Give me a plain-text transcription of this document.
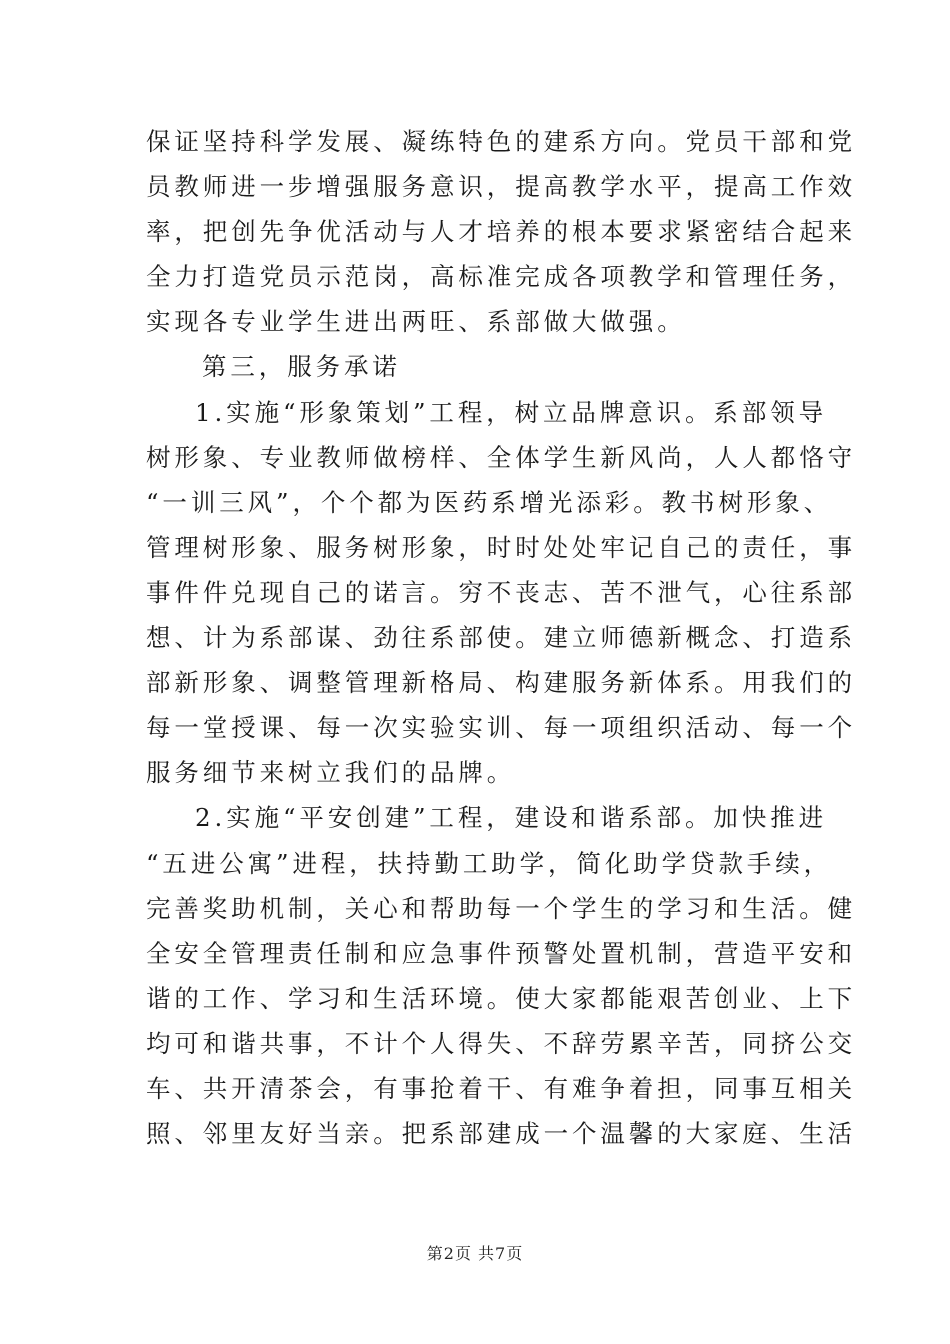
保证坚持科学发展、凝练特色的建系方向。党员干部和党
员教师进一步增强服务意识，提高教学水平，提高工作效
率，把创先争优活动与人才培养的根本要求紧密结合起来
全力打造党员示范岗，高标准完成各项教学和管理任务，
实现各专业学生进出两旺、系部做大做强。
第三，服务承诺
1.实施“形象策划”工程，树立品牌意识。系部领导
树形象、专业教师做榜样、全体学生新风尚，人人都恪守
“一训三风”，个个都为医药系增光添彩。教书树形象、
管理树形象、服务树形象，时时处处牢记自己的责任，事
事件件兑现自己的诺言。穷不丧志、苦不泄气，心往系部
想、计为系部谋、劲往系部使。建立师德新概念、打造系
部新形象、调整管理新格局、构建服务新体系。用我们的
每一堂授课、每一次实验实训、每一项组织活动、每一个
服务细节来树立我们的品牌。
2.实施“平安创建”工程，建设和谐系部。加快推进
“五进公寓”进程，扶持勤工助学，简化助学贷款手续，
完善奖助机制，关心和帮助每一个学生的学习和生活。健
全安全管理责任制和应急事件预警处置机制，营造平安和
谐的工作、学习和生活环境。使大家都能艰苦创业、上下
均可和谐共事，不计个人得失、不辞劳累辛苦，同挤公交
车、共开清茶会，有事抢着干、有难争着担，同事互相关
照、邻里友好当亲。把系部建成一个温馨的大家庭、生活
第2页 共7页
